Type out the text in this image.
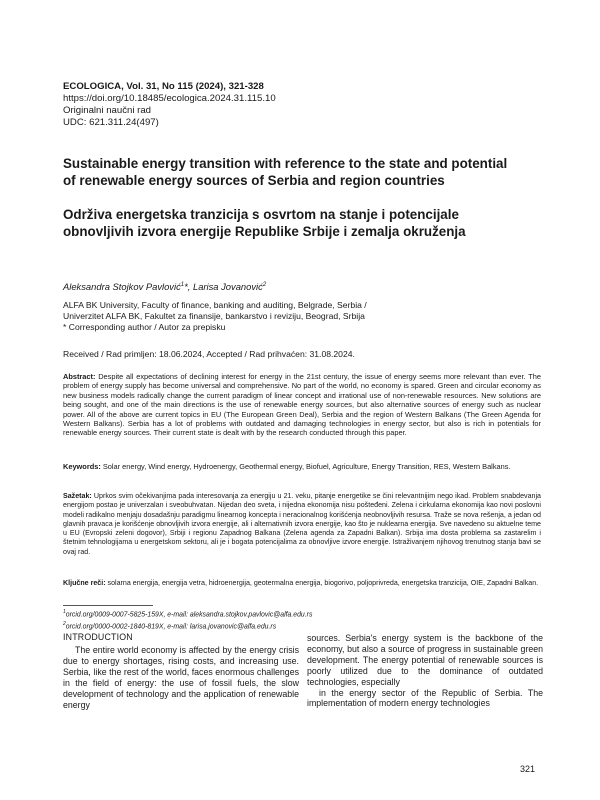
ECOLOGICA, Vol. 31, No 115 (2024), 321-328
https://doi.org/10.18485/ecologica.2024.31.115.10
Originalni naučni rad
UDC: 621.311.24(497)
Sustainable energy transition with reference to the state and potential
of renewable energy sources of Serbia and region countries
Održiva energetska tranzicija s osvrtom na stanje i potencijale
obnovljivih izvora energije Republike Srbije i zemalja okruženja
Aleksandra Stojkov Pavlović$^1$*, Larisa Jovanović$^2$
ALFA BK University, Faculty of finance, banking and auditing, Belgrade, Serbia /
Univerzitet ALFA BK, Fakultet za finansije, bankarstvo i reviziju, Beograd, Srbija
* Corresponding author / Autor za prepisku
Received / Rad primljen: 18.06.2024, Accepted / Rad prihvaćen: 31.08.2024.
Abstract: Despite all expectations of declining interest for energy in the 21st century, the issue of energy seems more relevant than ever. The problem of energy supply has become universal and comprehensive. No part of the world, no economy is spared. Green and circular economy as new business models radically change the current paradigm of linear concept and irrational use of non-renewable resources. New solutions are being sought, and one of the main directions is the use of renewable energy sources, but also alternative sources of energy such as nuclear power. All of the above are current topics in EU (The European Green Deal), Serbia and the region of Western Balkans (The Green Agenda for Western Balkans). Serbia has a lot of problems with outdated and damaging technologies in energy sector, but also is rich in potentials for renewable energy sources. Their current state is dealt with by the research conducted through this paper.
Keywords: Solar energy, Wind energy, Hydroenergy, Geothermal energy, Biofuel, Agriculture, Energy Transition, RES, Western Balkans.
Sažetak: Uprkos svim očekivanjima pada interesovanja za energiju u 21. veku, pitanje energetike se čini relevantnijim nego ikad. Problem snabdevanja energijom postao je univerzalan i sveobuhvatan. Nijedan deo sveta, i nijedna ekonomija nisu pošteđeni. Zelena i cirkularna ekonomija kao novi poslovni modeli radikalno menjaju dosadašnju paradigmu linearnog koncepta i neracionalnog korišćenja neobnovljivih resursa. Traže se nova rešenja, a jedan od glavnih pravaca je korišćenje obnovljivih izvora energije, ali i alternativnih izvora energije, kao što je nuklearna energija. Sve navedeno su aktuelne teme u EU (Evropski zeleni dogovor), Srbiji i regionu Zapadnog Balkana (Zelena agenda za Zapadni Balkan). Srbija ima dosta problema sa zastarelim i štetnim tehnologijama u energetskom sektoru, ali je i bogata potencijalima za obnovljive izvore energije. Istraživanjem njihovog trenutnog stanja bavi se ovaj rad.
Ključne reči: solarna energija, energija vetra, hidroenergija, geotermalna energija, biogorivo, poljoprivreda, energetska tranzicija, OIE, Zapadni Balkan.
$^1$orcid.org/0009-0007-5825-159X, e-mail: aleksandra.stojkov.pavlovic@alfa.edu.rs
$^2$orcid.org/0000-0002-1840-819X, e-mail: larisa.jovanovic@alfa.edu.rs
INTRODUCTION
The entire world economy is affected by the energy crisis due to energy shortages, rising costs, and increasing use. Serbia, like the rest of the world, faces enormous challenges in the field of energy: the use of fossil fuels, the slow development of technology and the application of renewable energy
sources. Serbia's energy system is the backbone of the economy, but also a source of progress in sustainable green development. The energy potential of renewable sources is poorly utilized due to the dominance of outdated technologies, especially
in the energy sector of the Republic of Serbia. The implementation of modern energy technologies
321
